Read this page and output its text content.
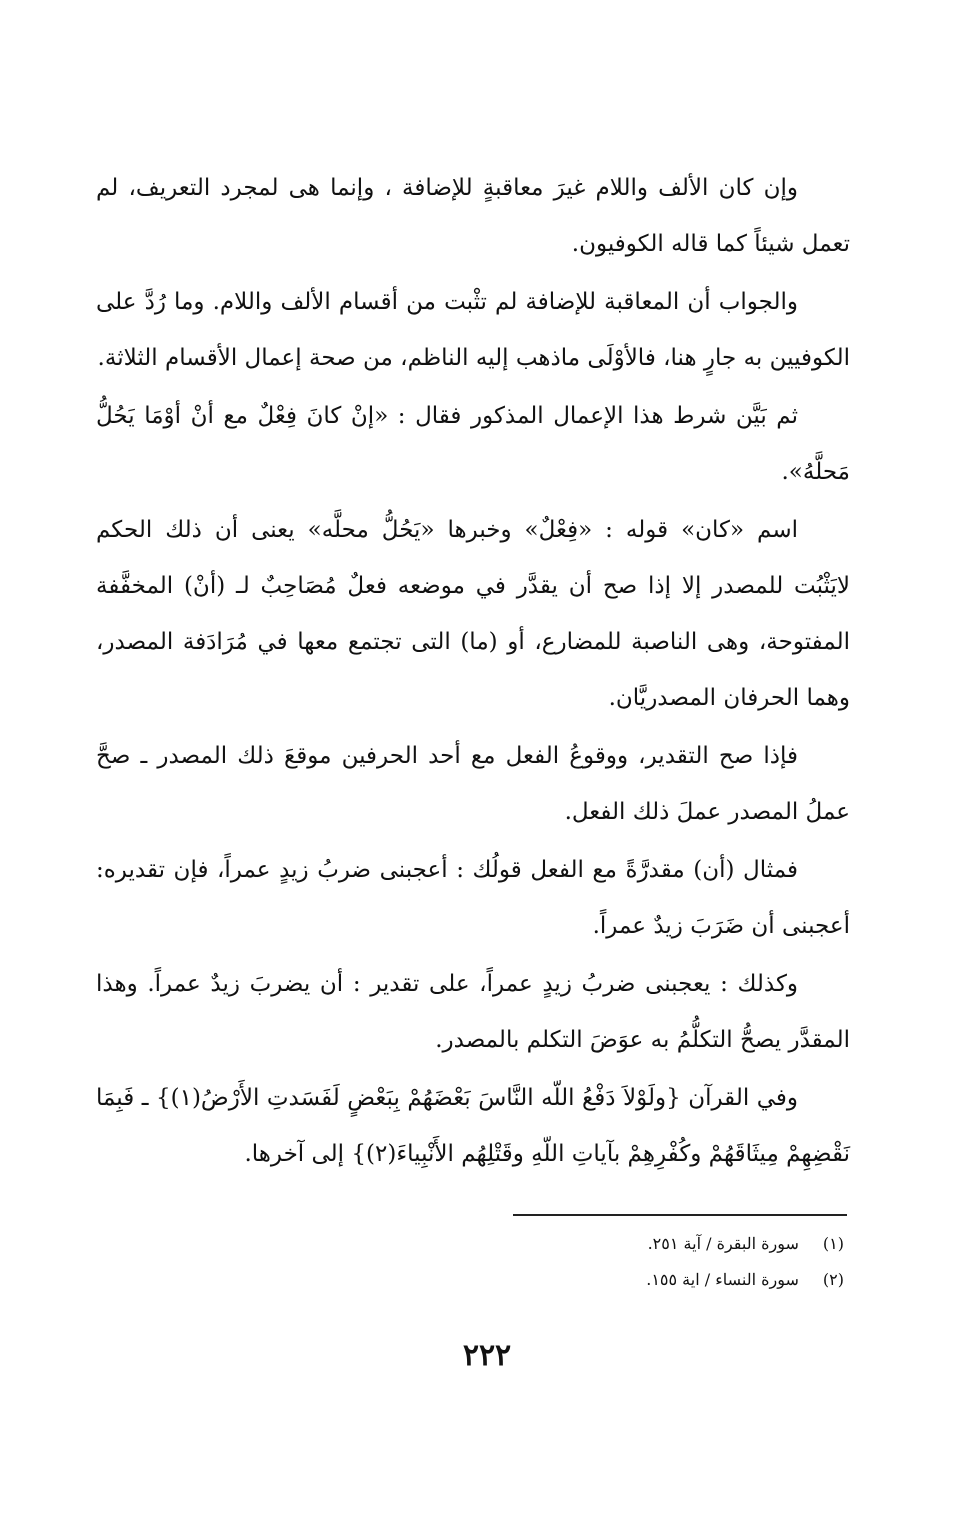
وإن كان الألف واللام غيرَ معاقبةٍ للإضافة ، وإنما هى لمجرد التعريف، لم تعمل شيئاً كما قاله الكوفيون.

والجواب أن المعاقبة للإضافة لم تثْبت من أقسام الألف واللام. وما رُدَّ على الكوفيين به جارٍ هنا، فالأوْلَى ماذهب إليه الناظم، من صحة إعمال الأقسام الثلاثة.

ثم بَيَّن شرط هذا الإعمال المذكور فقال : «إنْ كانَ فِعْلٌ مع أنْ أوْمَا يَحُلُّ مَحلَّهُ».

اسم «كان» قوله : «فِعْلٌ» وخبرها «يَحُلُّ محلَّه» يعنى أن ذلك الحكم لايَثْبُت للمصدر إلا إذا صح أن يقدَّر في موضعه فعلٌ مُصَاحِبٌ لـ (أنْ) المخفَّفة المفتوحة، وهى الناصبة للمضارع، أو (ما) التى تجتمع معها في مُرَادَفة المصدر، وهما الحرفان المصدريَّان.

فإذا صح التقدير، ووقوعُ الفعل مع أحد الحرفين موقعَ ذلك المصدر ـ صحَّ عملُ المصدر عملَ ذلك الفعل.

فمثال (أن) مقدرَّةً مع الفعل قولُك : أعجبنى ضربُ زيدٍ عمراً، فإن تقديره: أعجبنى أن ضَرَبَ زيدٌ عمراً.

وكذلك : يعجبنى ضربُ زيدٍ عمراً، على تقدير : أن يضربَ زيدٌ عمراً. وهذا المقدَّر يصحُّ التكلُّمُ به عوَضَ التكلم بالمصدر.

وفي القرآن {ولَوْلاَ دَفْعُ اللّه النَّاسَ بَعْضَهُمْ بِبَعْضٍ لَفَسَدتِ الأَرْضُ(١)} ـ فَبِمَا نَقْضِهِمْ مِيثَاقَهُمْ وكُفْرِهِمْ بآياتِ اللّهِ وقَتْلِهُم الأَنْبِياءَ(٢)} إلى آخرها.

(١) سورة البقرة / آية ٢٥١.
(٢) سورة النساء / اية ١٥٥.
٢٢٢
